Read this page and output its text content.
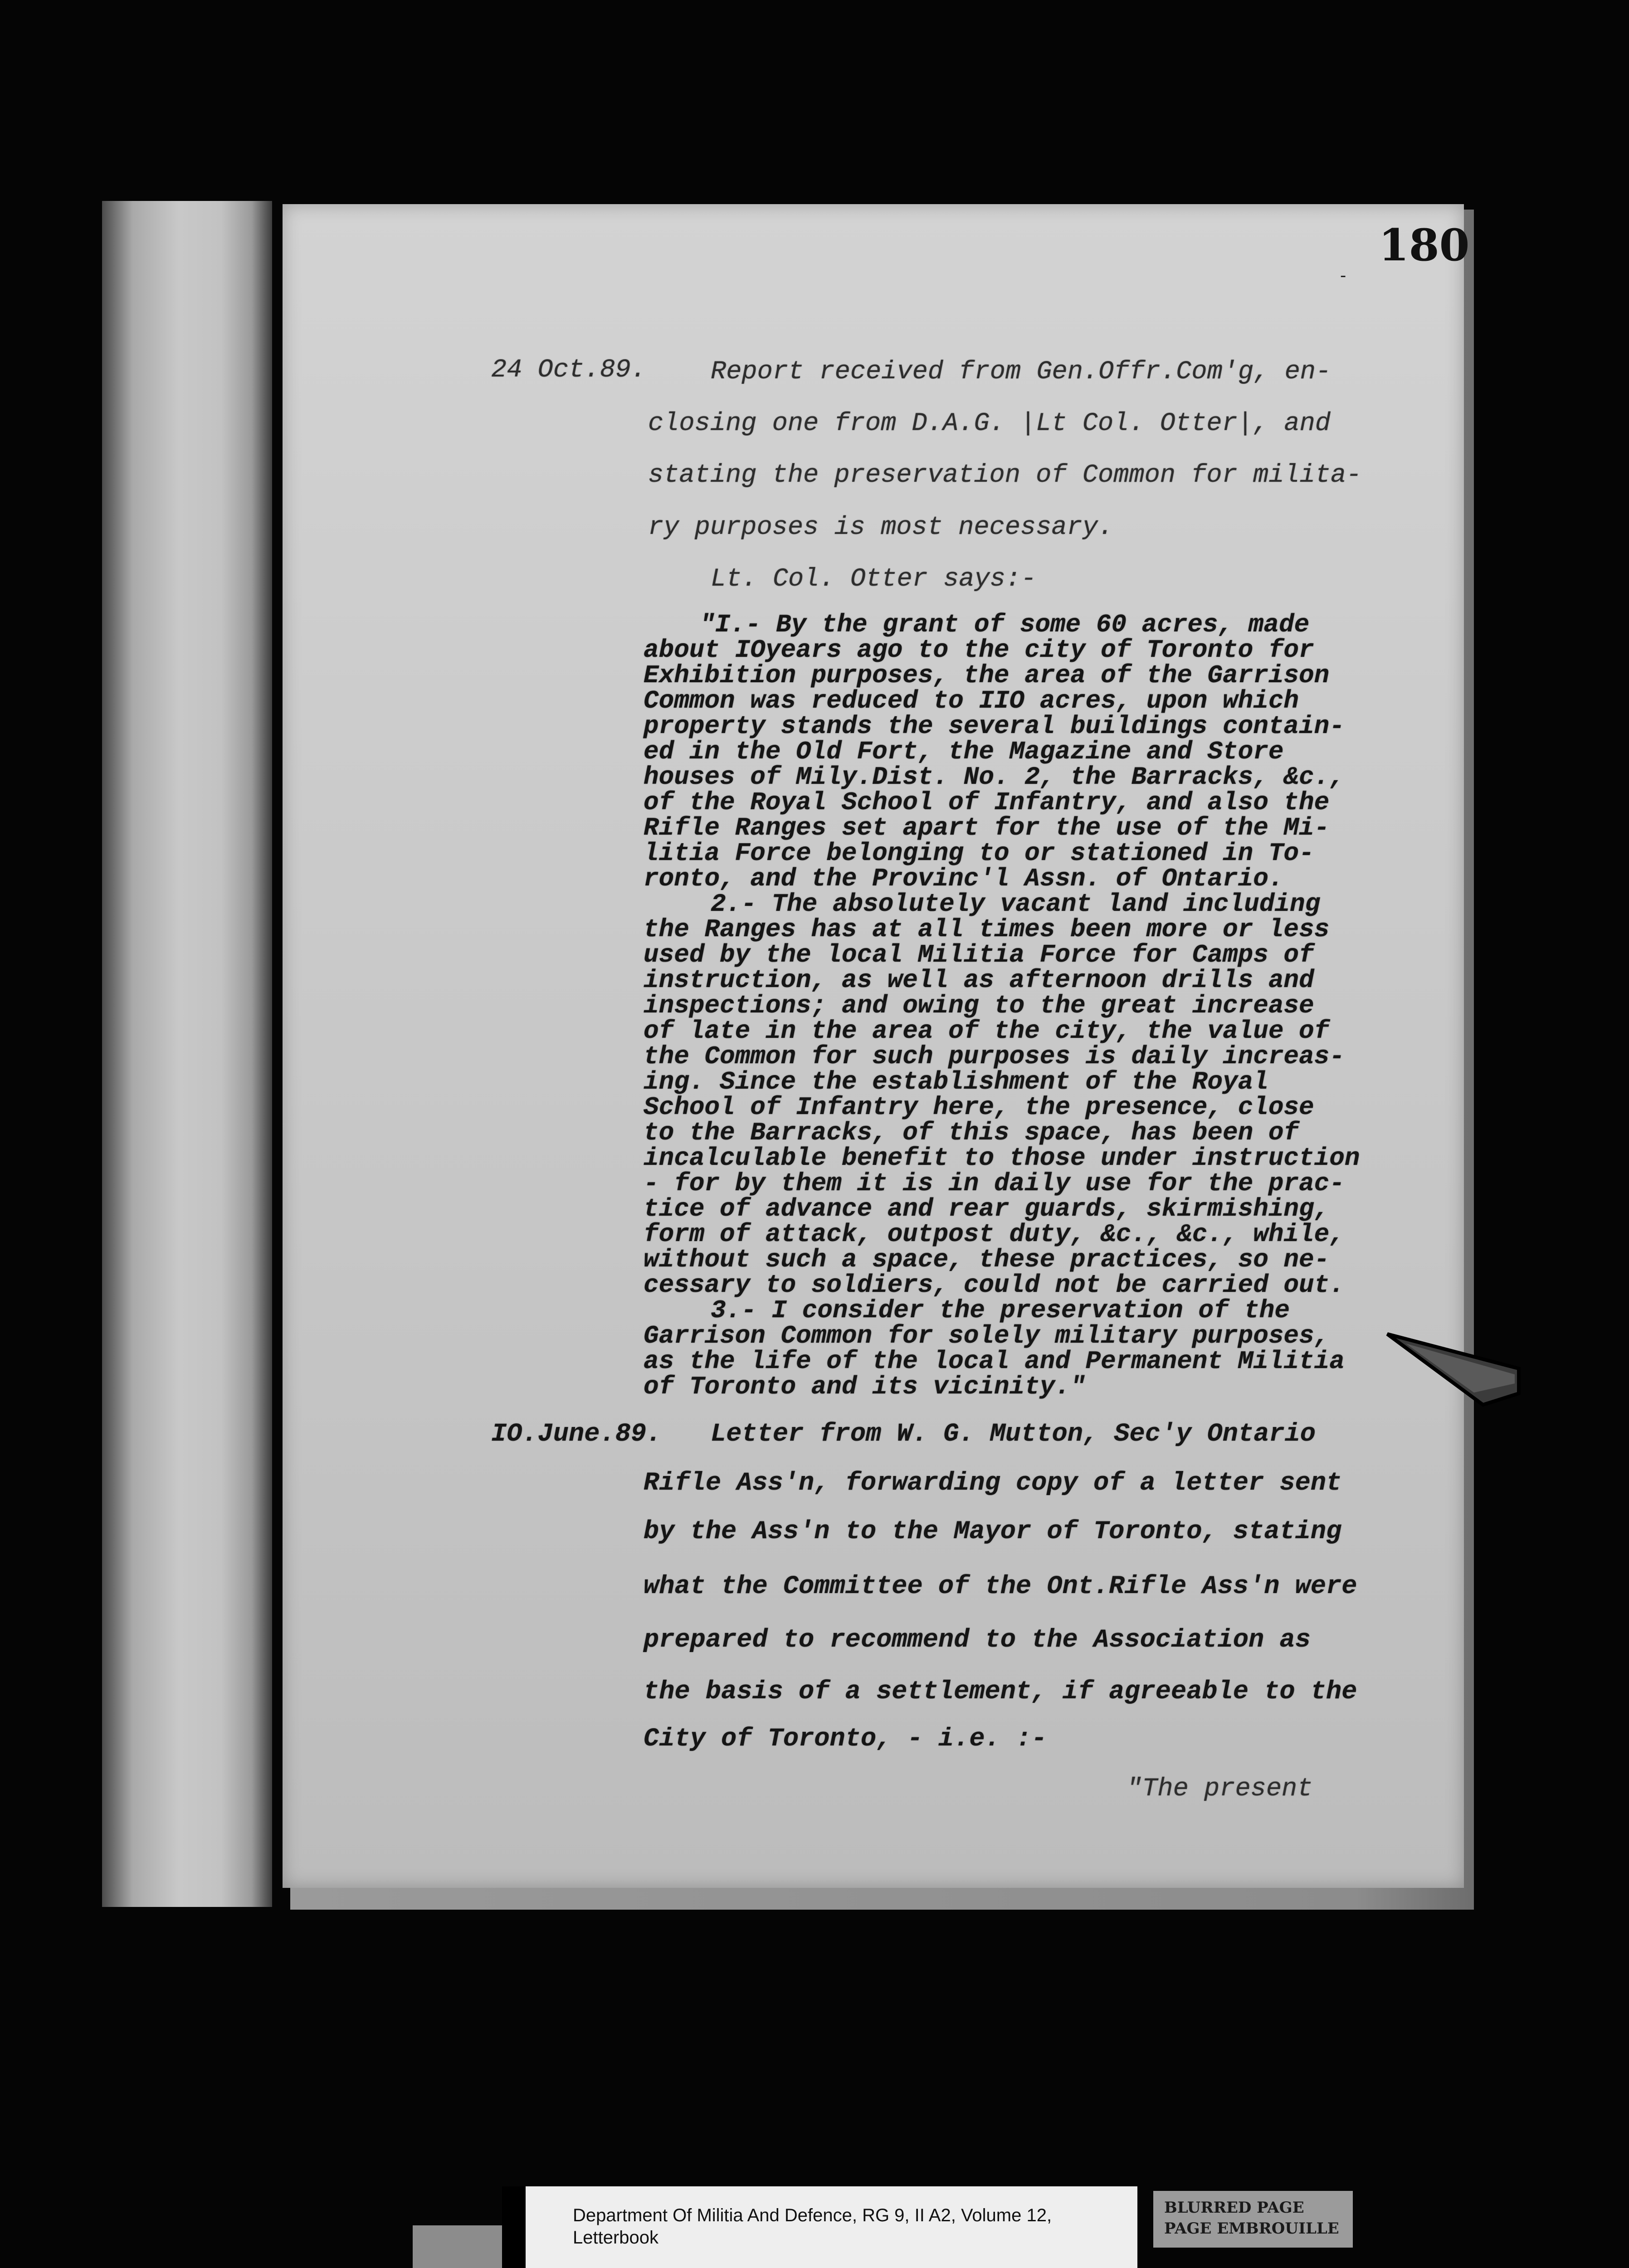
180
-
24 Oct.89. Report received from Gen.Offr.Com'g, en-
closing one from D.A.G. |Lt Col. Otter|, and
stating the preservation of Common for milita-
ry purposes is most necessary.
Lt. Col. Otter says:-
"I.- By the grant of some 60 acres, made
about IOyears ago to the city of Toronto for
Exhibition purposes, the area of the Garrison
Common was reduced to IIO acres, upon which
property stands the several buildings contain-
ed in the Old Fort, the Magazine and Store
houses of Mily.Dist. No. 2, the Barracks, &c.,
of the Royal School of Infantry, and also the
Rifle Ranges set apart for the use of the Mi-
litia Force belonging to or stationed in To-
ronto, and the Provinc'l Assn. of Ontario.
2.- The absolutely vacant land including
the Ranges has at all times been more or less
used by the local Militia Force for Camps of
instruction, as well as afternoon drills and
inspections; and owing to the great increase
of late in the area of the city, the value of
the Common for such purposes is daily increas-
ing. Since the establishment of the Royal
School of Infantry here, the presence, close
to the Barracks, of this space, has been of
incalculable benefit to those under instruction
- for by them it is in daily use for the prac-
tice of advance and rear guards, skirmishing,
form of attack, outpost duty, &c., &c., while,
without such a space, these practices, so ne-
cessary to soldiers, could not be carried out.
3.- I consider the preservation of the
Garrison Common for solely military purposes,
as the life of the local and Permanent Militia
of Toronto and its vicinity."
IO.June.89. Letter from W. G. Mutton, Sec'y Ontario
Rifle Ass'n, forwarding copy of a letter sent
by the Ass'n to the Mayor of Toronto, stating
what the Committee of the Ont.Rifle Ass'n were
prepared to recommend to the Association as
the basis of a settlement, if agreeable to the
City of Toronto, - i.e. :-
"The present
Department Of Militia And Defence, RG 9, II A2, Volume 12,
Letterbook
BLURRED PAGE
PAGE EMBROUILLE
